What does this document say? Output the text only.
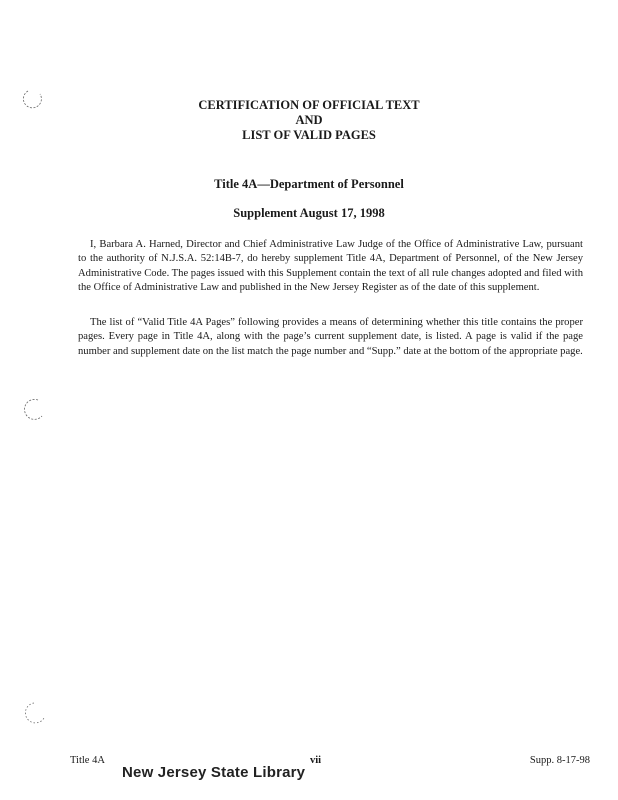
CERTIFICATION OF OFFICIAL TEXT
AND
LIST OF VALID PAGES
Title 4A—Department of Personnel
Supplement August 17, 1998

I, Barbara A. Harned, Director and Chief Administrative Law Judge of the Office of Administrative Law, pursuant to the authority of N.J.S.A. 52:14B-7, do hereby supplement Title 4A, Department of Personnel, of the New Jersey Administrative Code. The pages issued with this Supplement contain the text of all rule changes adopted and filed with the Office of Administrative Law and published in the New Jersey Register as of the date of this supplement.

The list of “Valid Title 4A Pages” following provides a means of determining whether this title contains the proper pages. Every page in Title 4A, along with the page’s current supplement date, is listed. A page is valid if the page number and supplement date on the list match the page number and “Supp.” date at the bottom of the appropriate page.

Title 4A	vii	Supp. 8-17-98
New Jersey State Library
